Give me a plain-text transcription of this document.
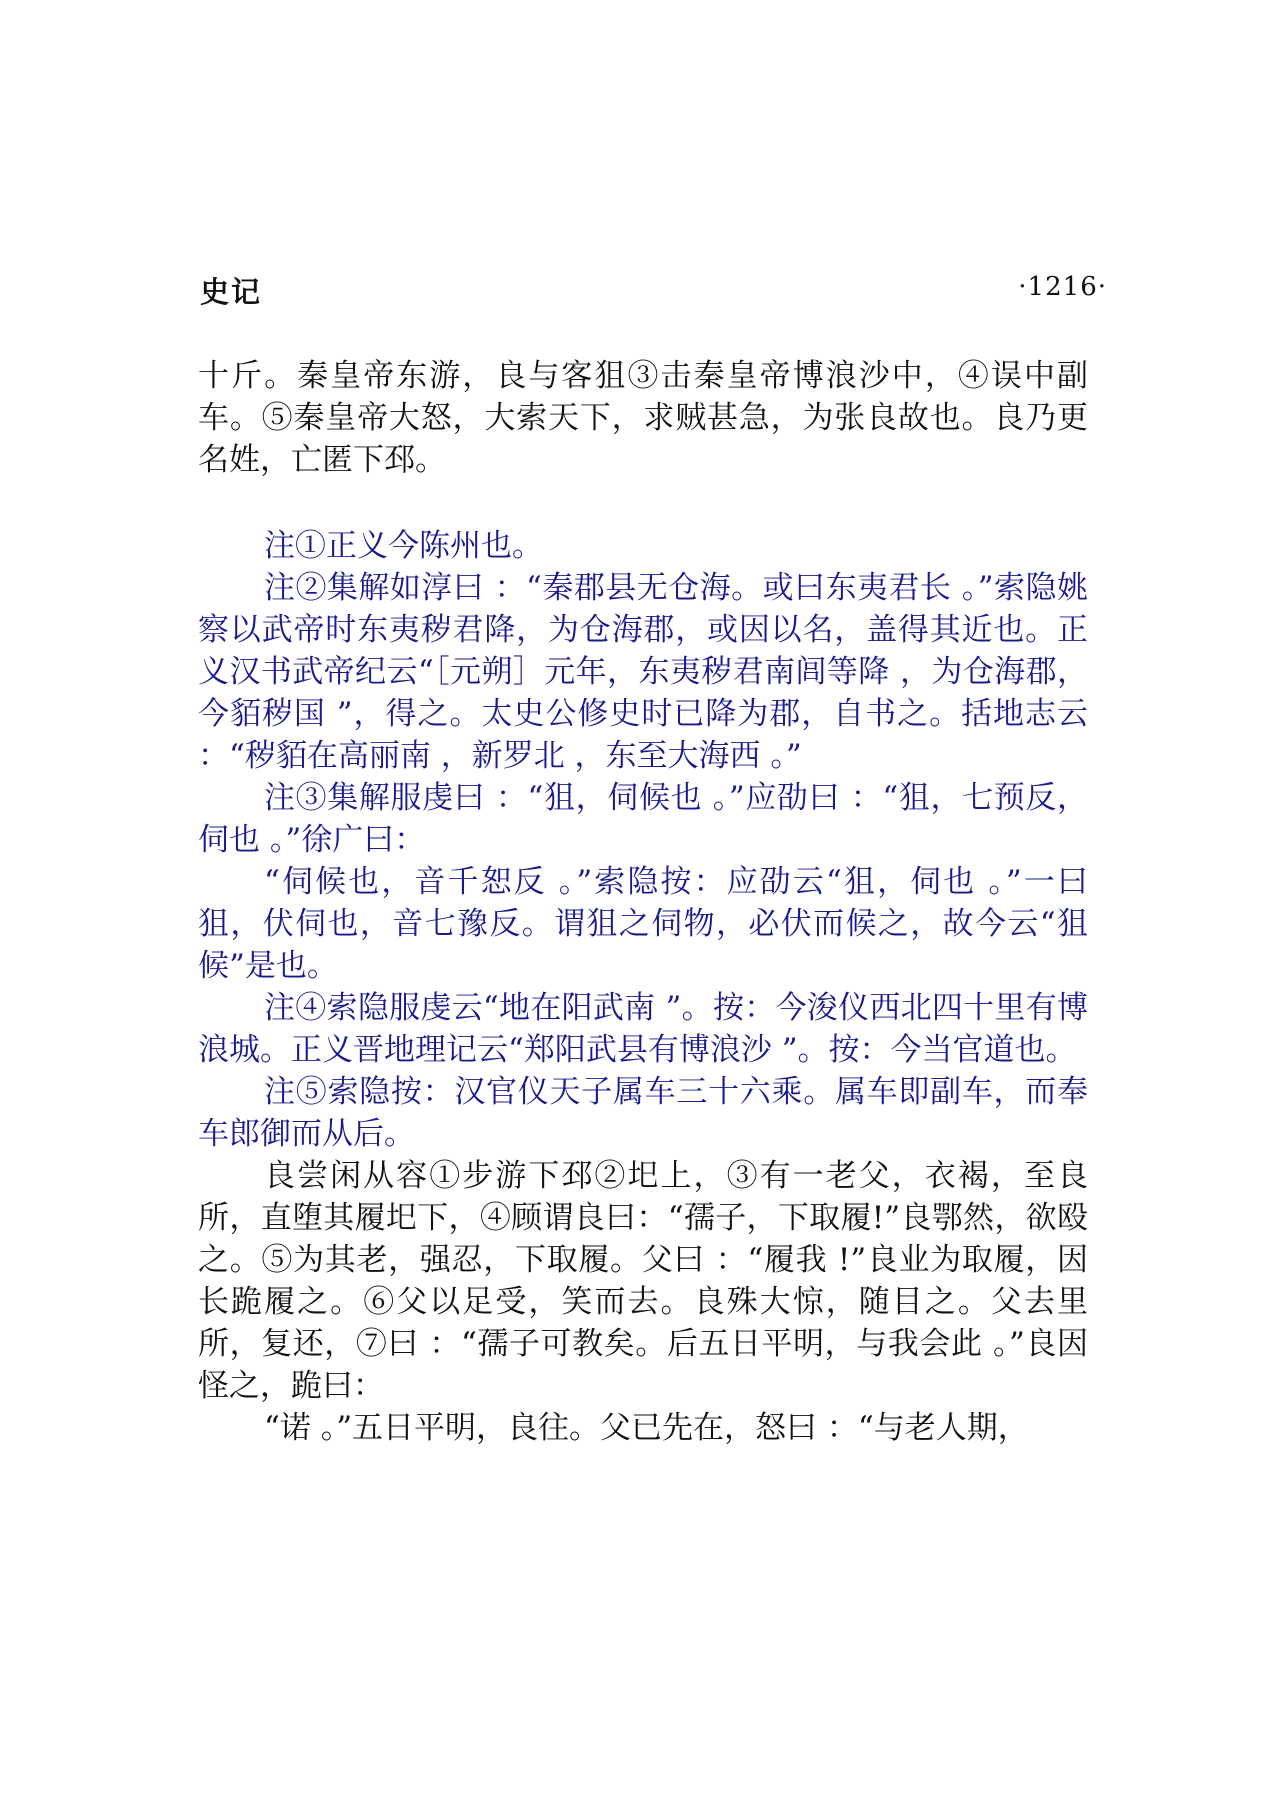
史记	·1216·

十斤。秦皇帝东游，良与客狙③击秦皇帝博浪沙中，④误中副车。⑤秦皇帝大怒，大索天下，求贼甚急，为张良故也。良乃更名姓，亡匿下邳。

注①正义今陈州也。

注②集解如淳曰 ：“秦郡县无仓海。或曰东夷君长 。”索隐姚察以武帝时东夷秽君降，为仓海郡，或因以名，盖得其近也。正义汉书武帝纪云“［元朔］元年，东夷秽君南闾等降 ，为仓海郡，今貊秽国 ”，得之。太史公修史时已降为郡，自书之。括地志云 ：“秽貊在高丽南 ，新罗北 ，东至大海西 。”

注③集解服虔曰 ：“狙，伺候也 。”应劭曰 ：“狙，七预反，伺也 。”徐广曰：

“伺候也，音千恕反 。”索隐按：应劭云“狙，伺也 。”一曰狙，伏伺也，音七豫反。谓狙之伺物，必伏而候之，故今云“狙候”是也。

注④索隐服虔云“地在阳武南 ”。按：今浚仪西北四十里有博浪城。正义晋地理记云“郑阳武县有博浪沙 ”。按：今当官道也。

注⑤索隐按：汉官仪天子属车三十六乘。属车即副车，而奉车郎御而从后。

良尝闲从容①步游下邳②圯上，③有一老父，衣褐，至良所，直堕其履圯下，④顾谓良曰：“孺子，下取履!”良鄂然，欲殴之。⑤为其老，强忍，下取履。父曰 ：“履我 !”良业为取履，因长跪履之。⑥父以足受，笑而去。良殊大惊，随目之。父去里所，复还，⑦曰 ：“孺子可教矣。后五日平明，与我会此 。”良因怪之，跪曰：

“诺 。”五日平明，良往。父已先在，怒曰 ：“与老人期，
